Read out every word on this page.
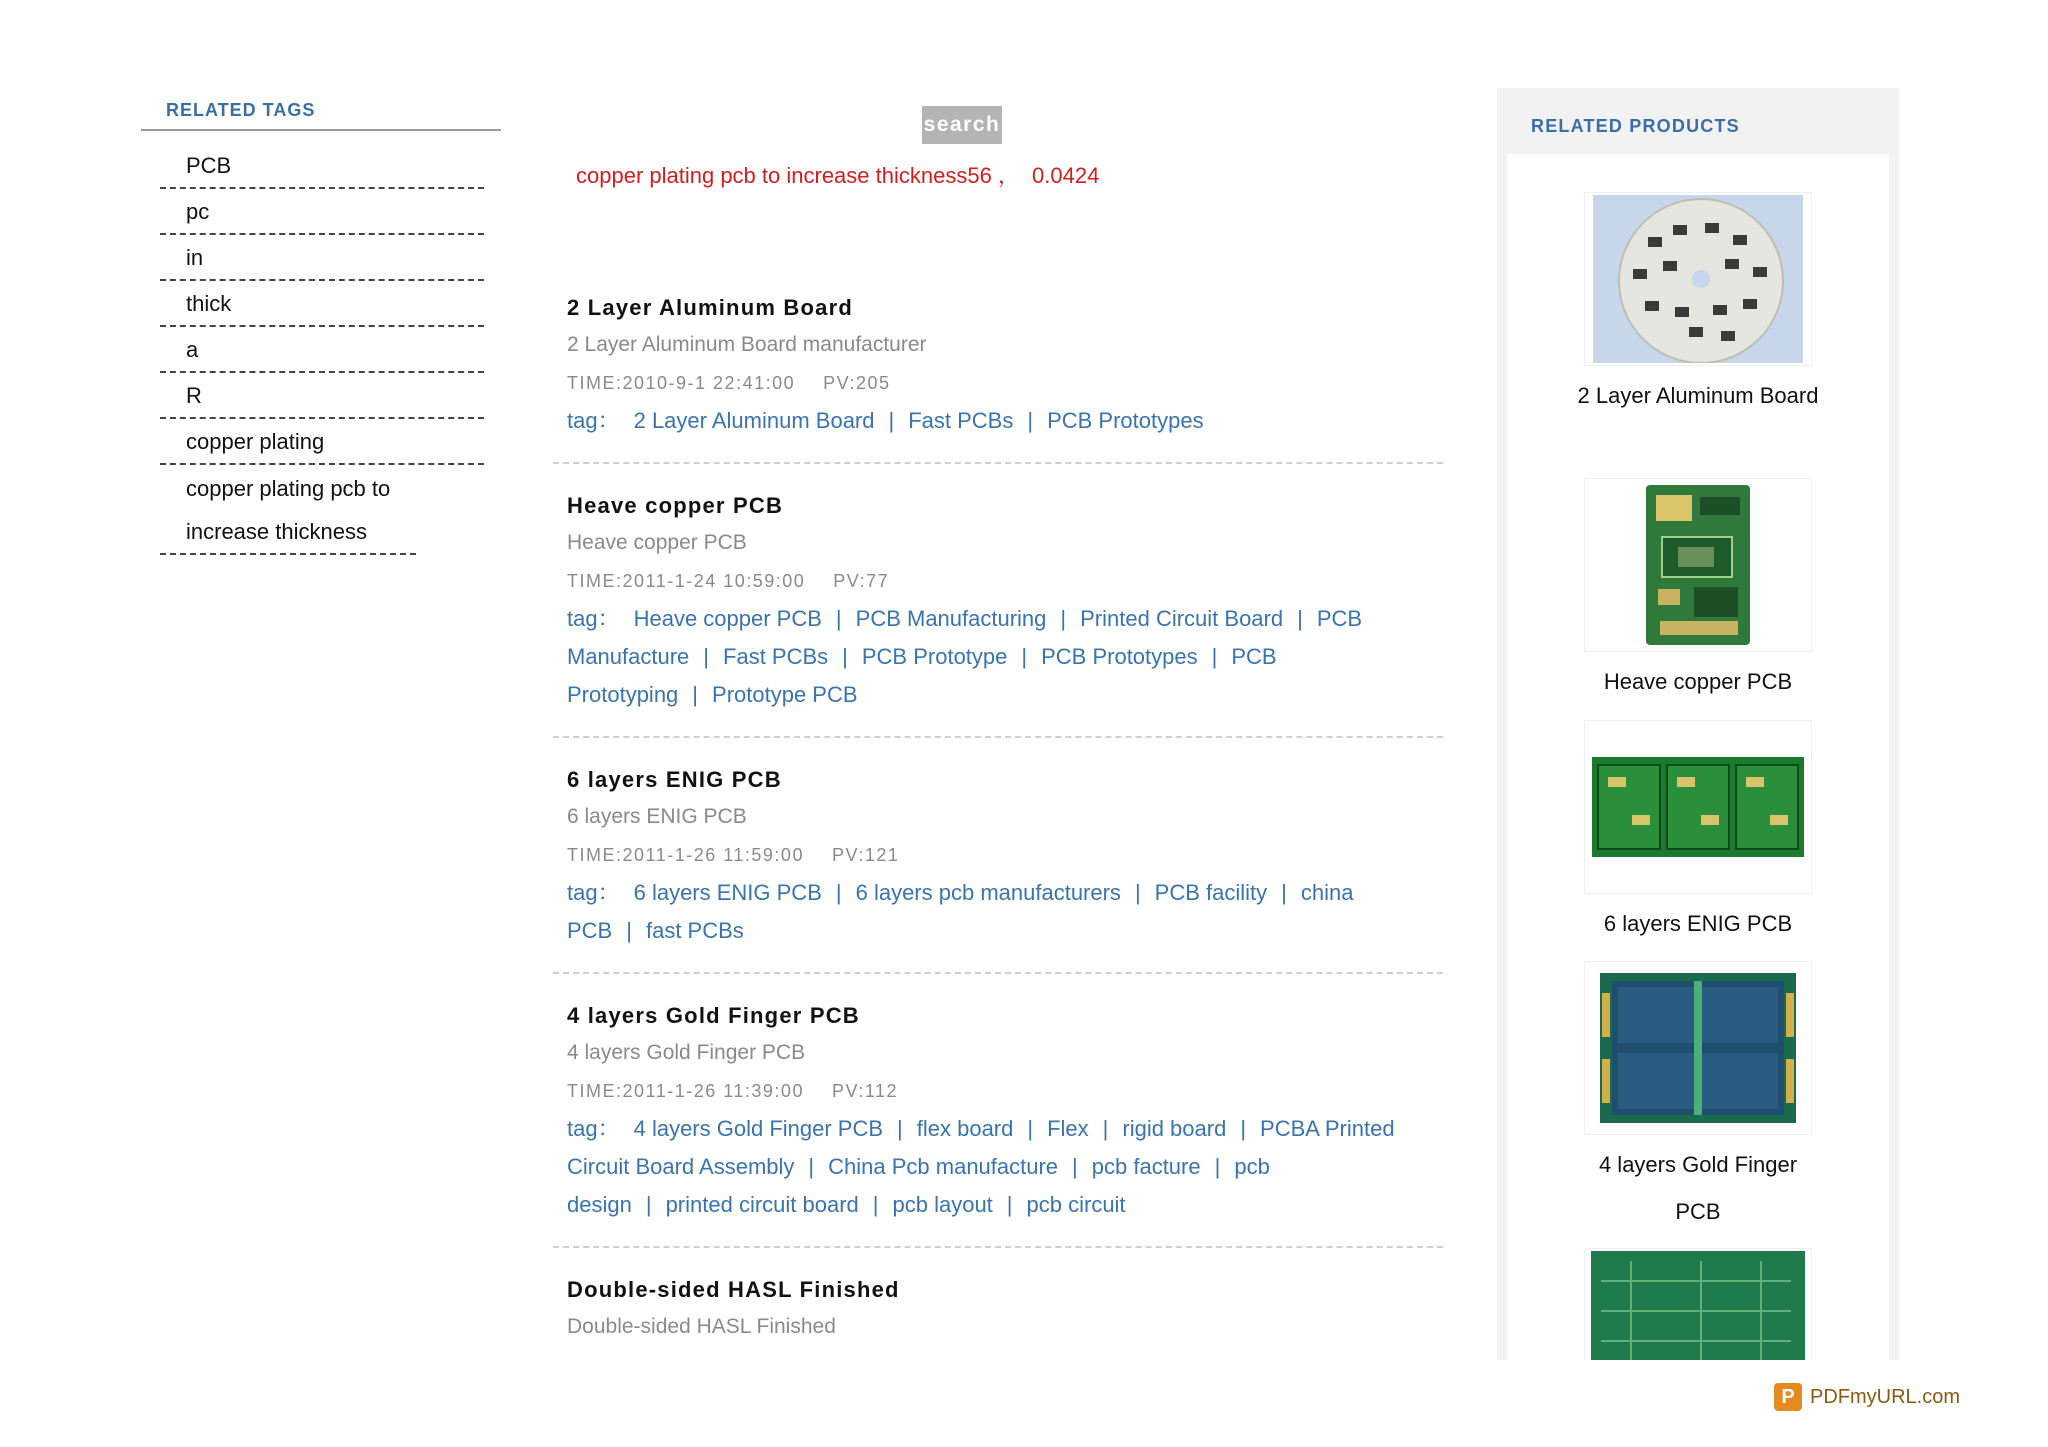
RELATED TAGS
PCB
pc
in
thick
a
R
copper plating
copper plating pcb to increase thickness
search
copper plating pcb to increase thickness56 ， 0.0424
2 Layer Aluminum Board
2 Layer Aluminum Board manufacturer
TIME:2010-9-1 22:41:00 PV:205
tag： 2 Layer Aluminum Board | Fast PCBs | PCB Prototypes
Heave copper PCB
Heave copper PCB
TIME:2011-1-24 10:59:00 PV:77
tag： Heave copper PCB | PCB Manufacturing | Printed Circuit Board | PCB Manufacture | Fast PCBs | PCB Prototype | PCB Prototypes | PCB Prototyping | Prototype PCB
6 layers ENIG PCB
6 layers ENIG PCB
TIME:2011-1-26 11:59:00 PV:121
tag： 6 layers ENIG PCB | 6 layers pcb manufacturers | PCB facility | china PCB | fast PCBs
4 layers Gold Finger PCB
4 layers Gold Finger PCB
TIME:2011-1-26 11:39:00 PV:112
tag： 4 layers Gold Finger PCB | flex board | Flex | rigid board | PCBA Printed Circuit Board Assembly | China Pcb manufacture | pcb facture | pcb design | printed circuit board | pcb layout | pcb circuit
Double-sided HASL Finished
Double-sided HASL Finished
RELATED PRODUCTS
2 Layer Aluminum Board
Heave copper PCB
6 layers ENIG PCB
4 layers Gold Finger PCB
P PDFmyURL.com
